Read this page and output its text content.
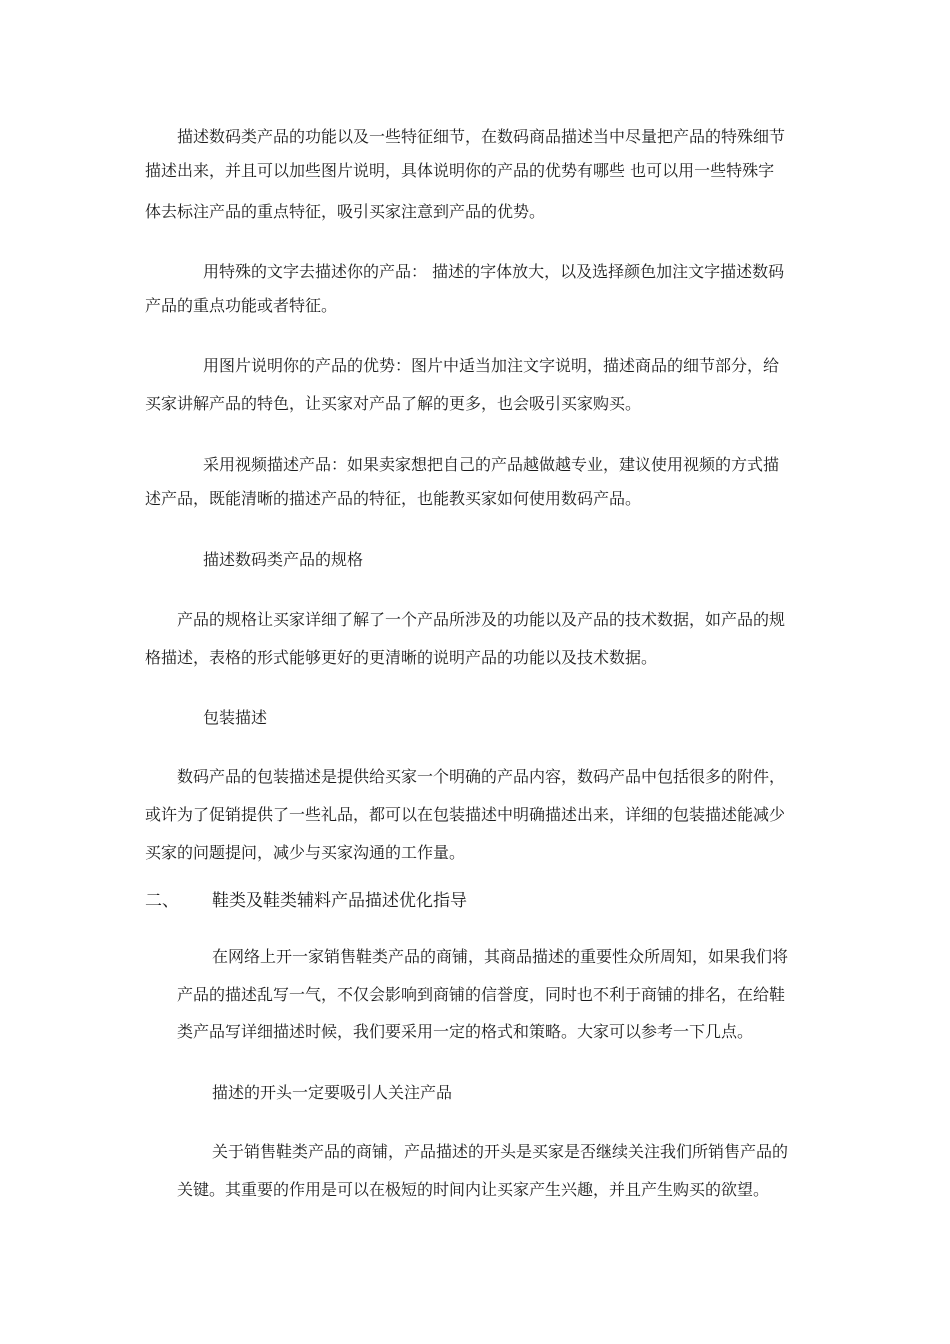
描述数码类产品的功能以及一些特征细节，在数码商品描述当中尽量把产品的特殊细节
描述出来，并且可以加些图片说明，具体说明你的产品的优势有哪些 也可以用一些特殊字
体去标注产品的重点特征，吸引买家注意到产品的优势。
用特殊的文字去描述你的产品： 描述的字体放大，以及选择颜色加注文字描述数码
产品的重点功能或者特征。
用图片说明你的产品的优势：图片中适当加注文字说明，描述商品的细节部分，给
买家讲解产品的特色，让买家对产品了解的更多，也会吸引买家购买。
采用视频描述产品：如果卖家想把自己的产品越做越专业，建议使用视频的方式描
述产品，既能清晰的描述产品的特征，也能教买家如何使用数码产品。
描述数码类产品的规格
产品的规格让买家详细了解了一个产品所涉及的功能以及产品的技术数据，如产品的规
格描述，表格的形式能够更好的更清晰的说明产品的功能以及技术数据。
包装描述
数码产品的包装描述是提供给买家一个明确的产品内容，数码产品中包括很多的附件，
或许为了促销提供了一些礼品，都可以在包装描述中明确描述出来，详细的包装描述能减少
买家的问题提问，减少与买家沟通的工作量。
二、 鞋类及鞋类辅料产品描述优化指导
在网络上开一家销售鞋类产品的商铺，其商品描述的重要性众所周知，如果我们将
产品的描述乱写一气，不仅会影响到商铺的信誉度，同时也不利于商铺的排名，在给鞋
类产品写详细描述时候，我们要采用一定的格式和策略。大家可以参考一下几点。
描述的开头一定要吸引人关注产品
关于销售鞋类产品的商铺，产品描述的开头是买家是否继续关注我们所销售产品的
关键。其重要的作用是可以在极短的时间内让买家产生兴趣，并且产生购买的欲望。
